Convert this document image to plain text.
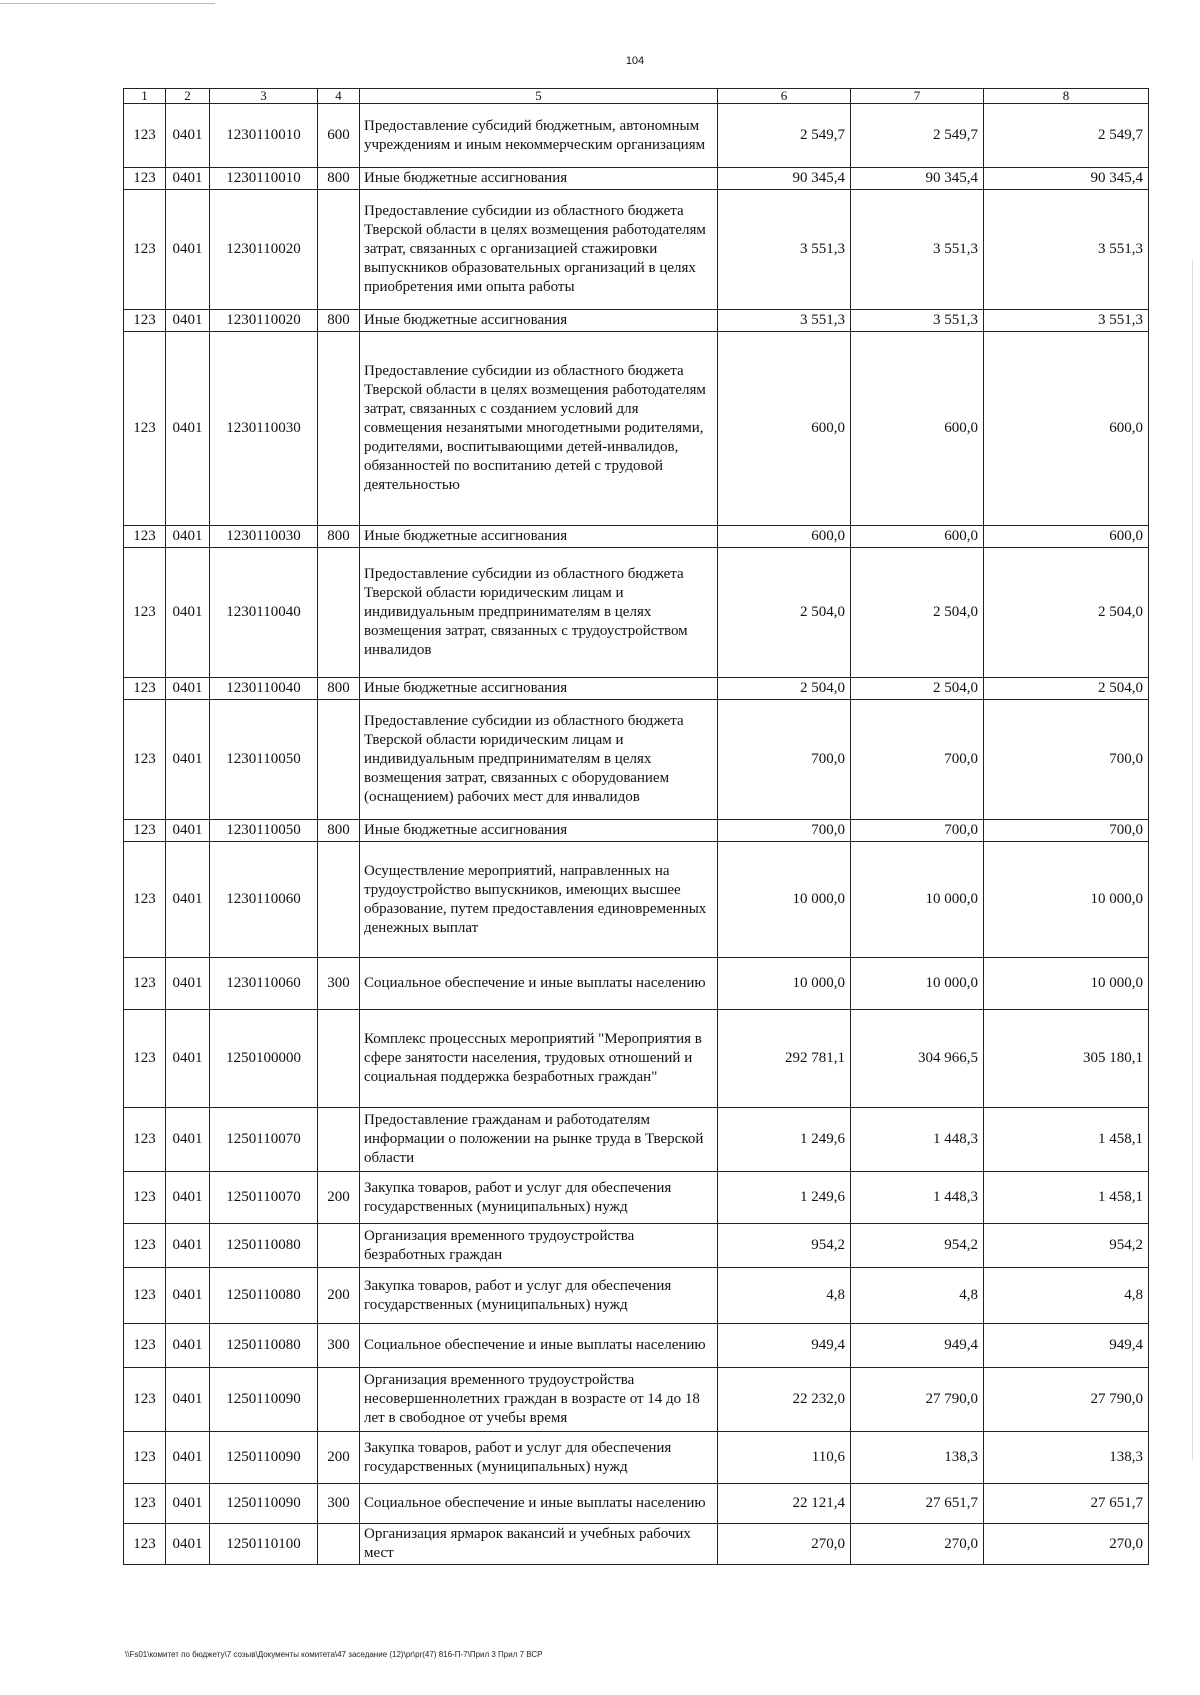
104
1	2	3	4	5	6	7	8
123	0401	1230110010	600	Предоставление субсидий бюджетным, автономным учреждениям и иным некоммерческим организациям	2 549,7	2 549,7	2 549,7
123	0401	1230110010	800	Иные бюджетные ассигнования	90 345,4	90 345,4	90 345,4
123	0401	1230110020		Предоставление субсидии из областного бюджета Тверской области в целях возмещения работодателям затрат, связанных с организацией стажировки выпускников образовательных организаций в целях приобретения ими опыта работы	3 551,3	3 551,3	3 551,3
123	0401	1230110020	800	Иные бюджетные ассигнования	3 551,3	3 551,3	3 551,3
123	0401	1230110030		Предоставление субсидии из областного бюджета Тверской области в целях возмещения работодателям затрат, связанных с созданием условий для совмещения незанятыми многодетными родителями, родителями, воспитывающими детей-инвалидов, обязанностей по воспитанию детей с трудовой деятельностью	600,0	600,0	600,0
123	0401	1230110030	800	Иные бюджетные ассигнования	600,0	600,0	600,0
123	0401	1230110040		Предоставление субсидии из областного бюджета Тверской области юридическим лицам и индивидуальным предпринимателям в целях возмещения затрат, связанных с трудоустройством инвалидов	2 504,0	2 504,0	2 504,0
123	0401	1230110040	800	Иные бюджетные ассигнования	2 504,0	2 504,0	2 504,0
123	0401	1230110050		Предоставление субсидии из областного бюджета Тверской области юридическим лицам и индивидуальным предпринимателям в целях возмещения затрат, связанных с оборудованием (оснащением) рабочих мест для инвалидов	700,0	700,0	700,0
123	0401	1230110050	800	Иные бюджетные ассигнования	700,0	700,0	700,0
123	0401	1230110060		Осуществление мероприятий, направленных на трудоустройство выпускников, имеющих высшее образование, путем предоставления единовременных денежных выплат	10 000,0	10 000,0	10 000,0
123	0401	1230110060	300	Социальное обеспечение и иные выплаты населению	10 000,0	10 000,0	10 000,0
123	0401	1250100000		Комплекс процессных мероприятий "Мероприятия в сфере занятости населения, трудовых отношений и социальная поддержка безработных граждан"	292 781,1	304 966,5	305 180,1
123	0401	1250110070		Предоставление гражданам и работодателям информации о положении на рынке труда в Тверской области	1 249,6	1 448,3	1 458,1
123	0401	1250110070	200	Закупка товаров, работ и услуг для обеспечения государственных (муниципальных) нужд	1 249,6	1 448,3	1 458,1
123	0401	1250110080		Организация временного трудоустройства безработных граждан	954,2	954,2	954,2
123	0401	1250110080	200	Закупка товаров, работ и услуг для обеспечения государственных (муниципальных) нужд	4,8	4,8	4,8
123	0401	1250110080	300	Социальное обеспечение и иные выплаты населению	949,4	949,4	949,4
123	0401	1250110090		Организация временного трудоустройства несовершеннолетних граждан в возрасте от 14 до 18 лет в свободное от учебы время	22 232,0	27 790,0	27 790,0
123	0401	1250110090	200	Закупка товаров, работ и услуг для обеспечения государственных (муниципальных) нужд	110,6	138,3	138,3
123	0401	1250110090	300	Социальное обеспечение и иные выплаты населению	22 121,4	27 651,7	27 651,7
123	0401	1250110100		Организация ярмарок вакансий и учебных рабочих мест	270,0	270,0	270,0
\\Fs01\комитет по бюджету\7 созыв\Документы комитета\47 заседание (12)\pr\pr(47) 816-П-7\Прил 3 Прил 7 ВСР
